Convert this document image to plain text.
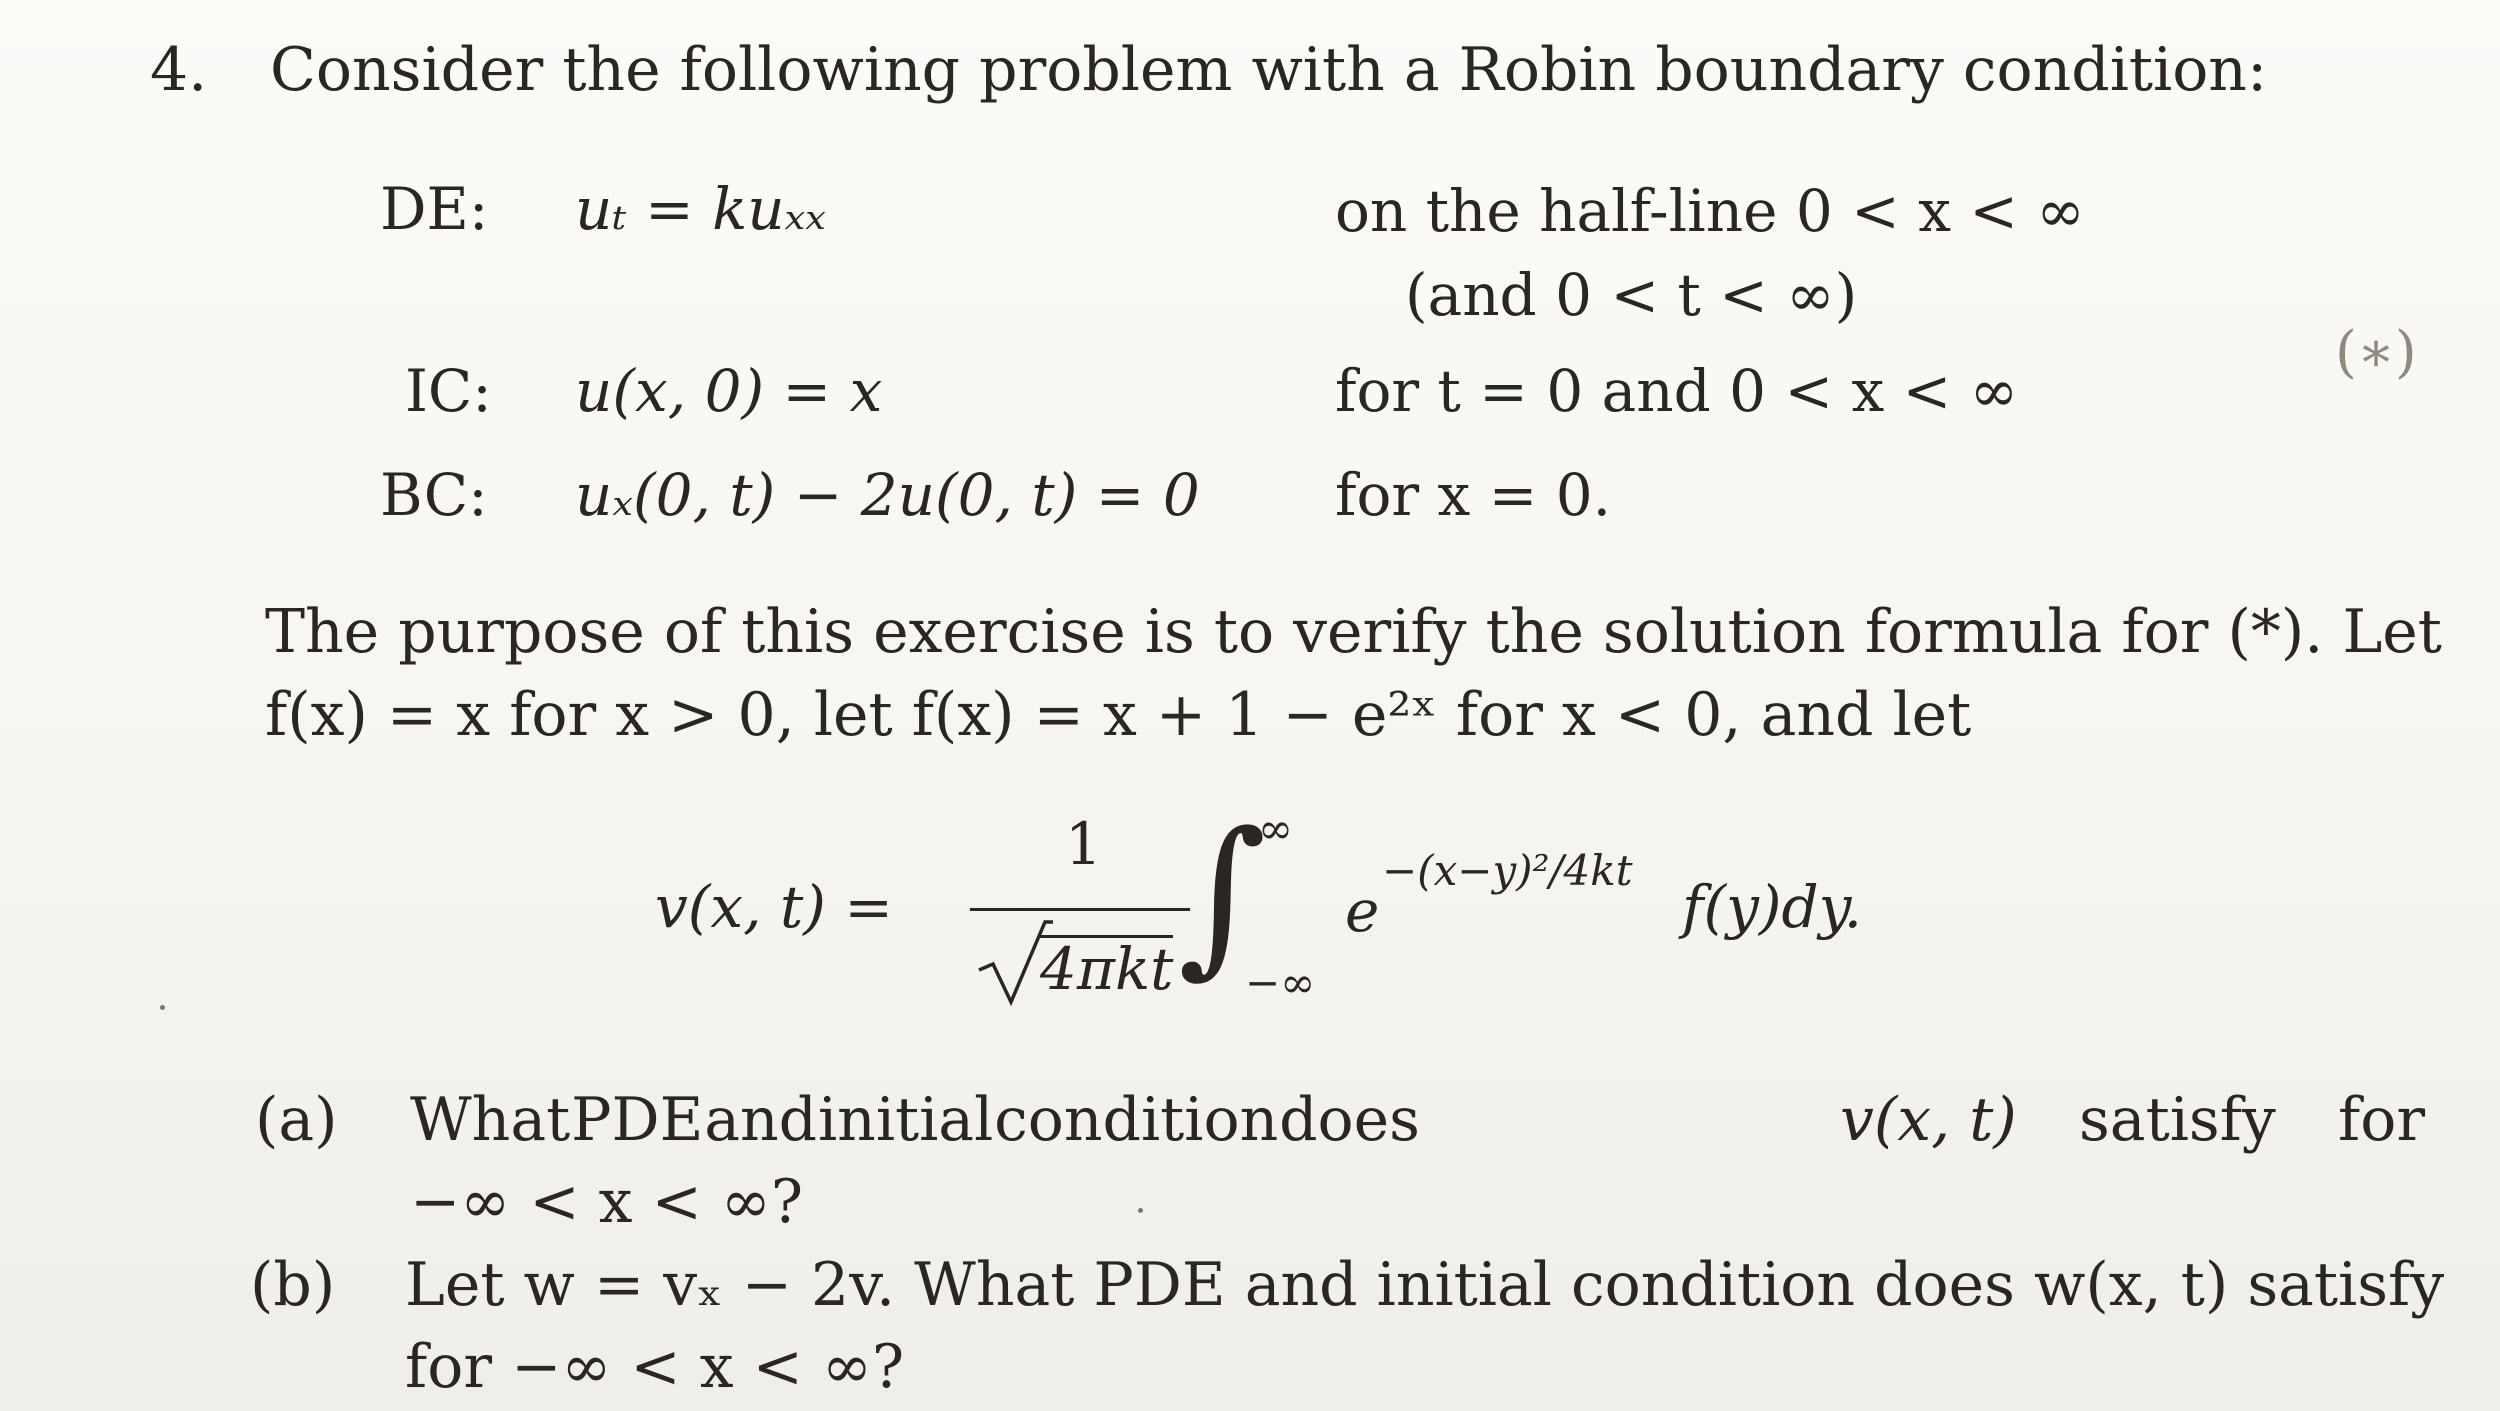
4. Consider the following problem with a Robin boundary condition:
DE: uₜ = kuₓₓ	on the half-line 0 < x < ∞
(and 0 < t < ∞)
(∗)
IC: u(x, 0) = x	for t = 0 and 0 < x < ∞
BC: uₓ(0, t) − 2u(0, t) = 0 for x = 0.
The purpose of this exercise is to verify the solution formula for (*). Let
f(x) = x for x > 0, let f(x) = x + 1 − e²ˣ for x < 0, and let
v(x, t) =
1
4πkt ∫
∞
−∞
e
−(x−y)²/4kt
f(y)dy.
(a) What PDE and initial condition does	v(x, t) satisfy for
−∞ < x < ∞?
(b) Let w = vₓ − 2v. What PDE and initial condition does w(x, t) satisfy
for −∞ < x < ∞?
